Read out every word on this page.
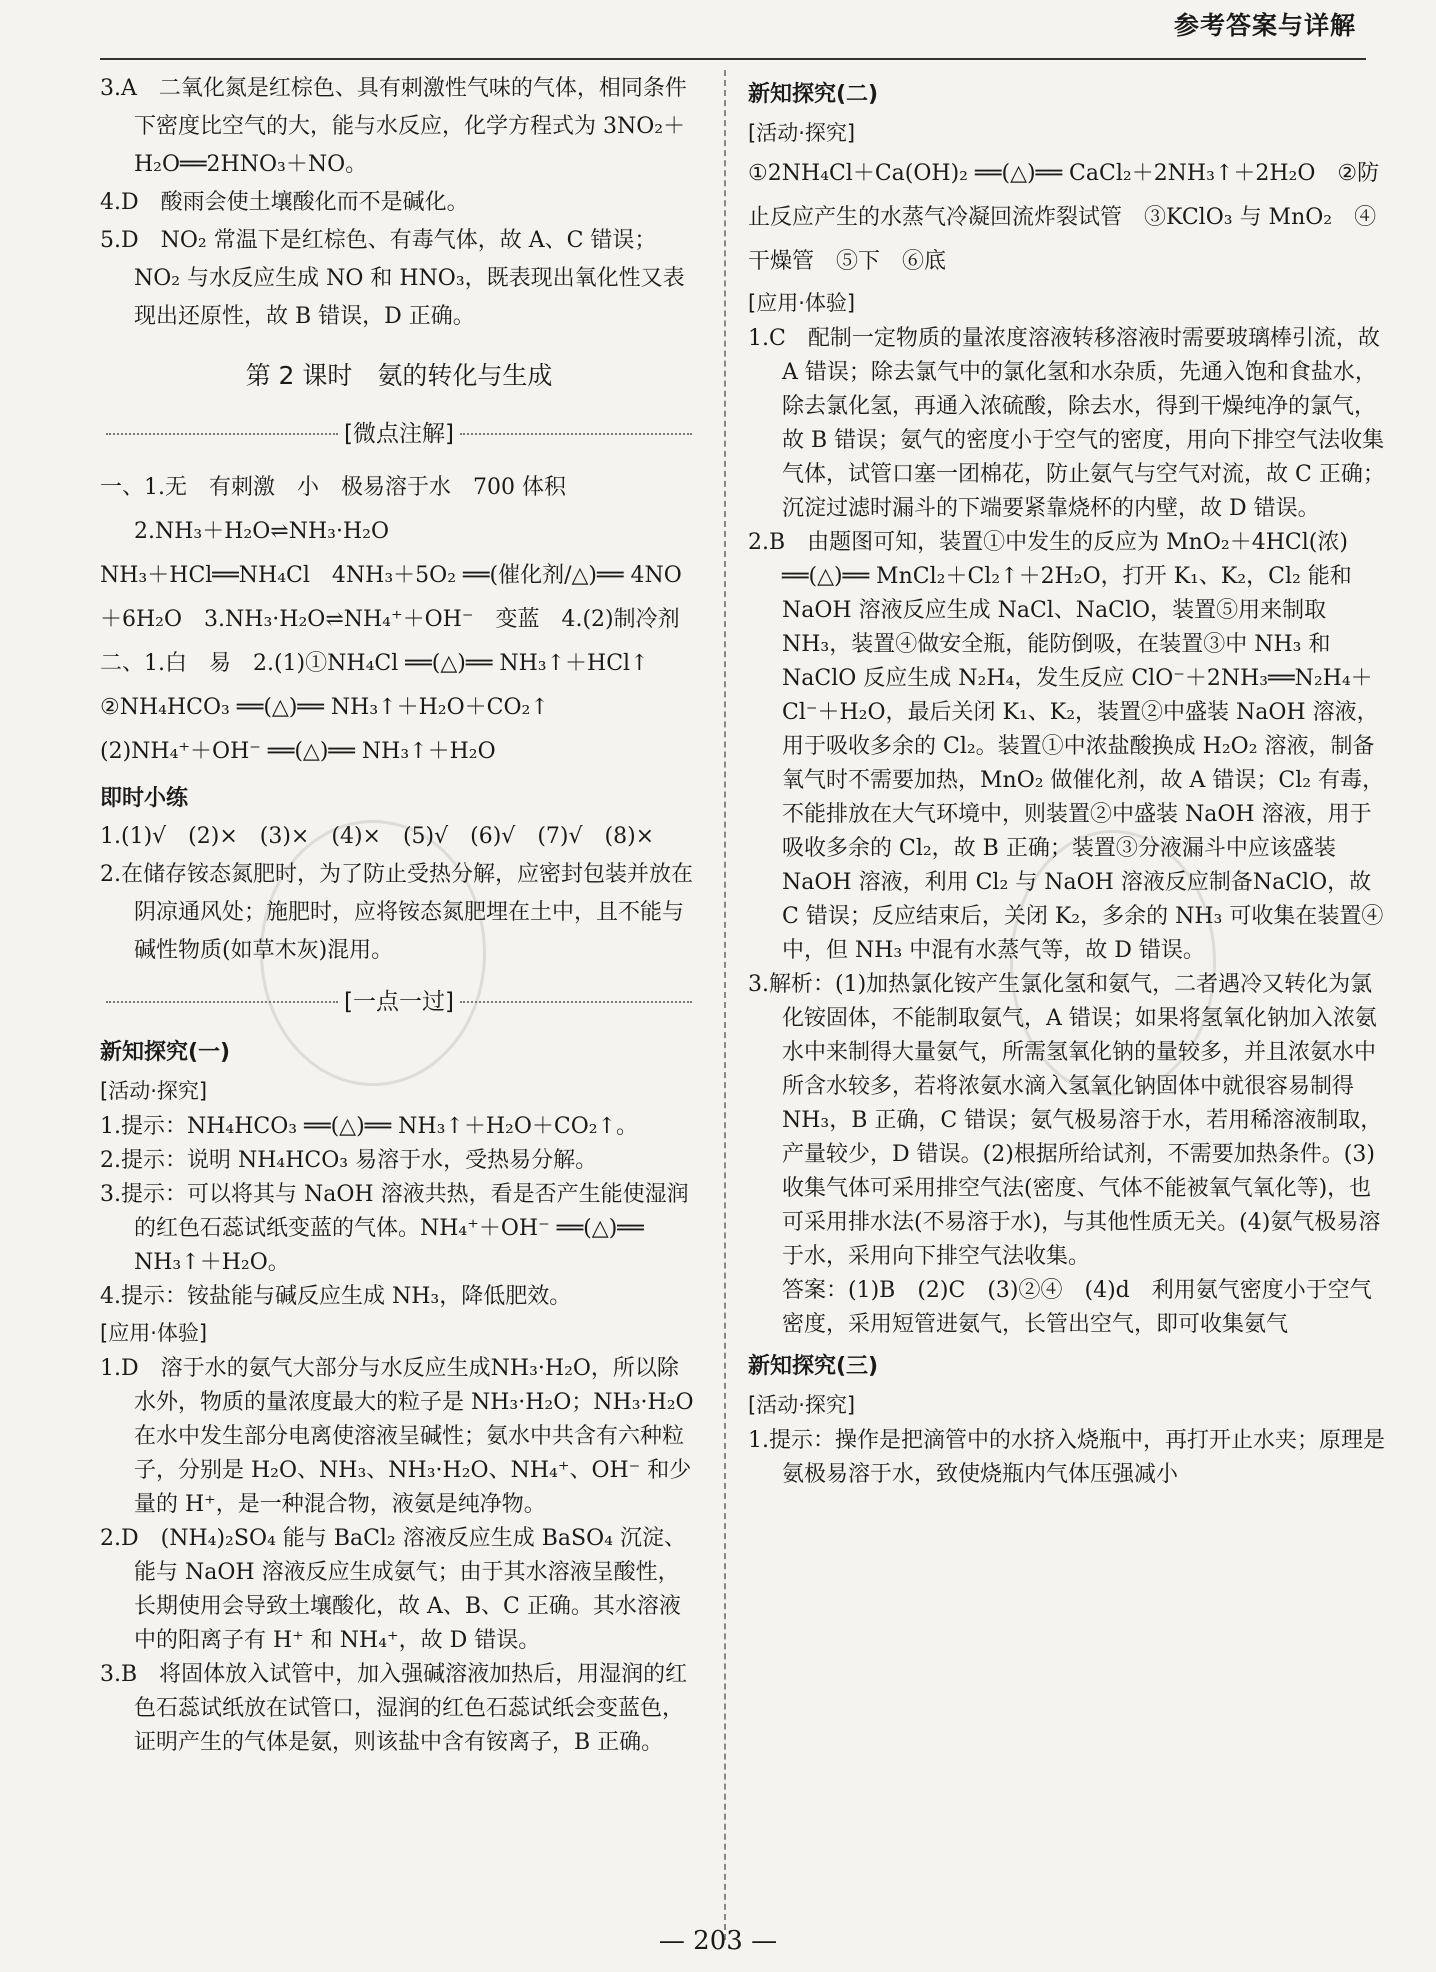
参考答案与详解

3.A　二氧化氮是红棕色、具有刺激性气味的气体，相同条件下密度比空气的大，能与水反应，化学方程式为 3NO₂＋H₂O══2HNO₃＋NO。

4.D　酸雨会使土壤酸化而不是碱化。

5.D　NO₂ 常温下是红棕色、有毒气体，故 A、C 错误；NO₂ 与水反应生成 NO 和 HNO₃，既表现出氧化性又表现出还原性，故 B 错误，D 正确。

第 2 课时　氨的转化与生成
[微点注解]

一、1.无　有刺激　小　极易溶于水　700 体积

2.NH₃＋H₂O⇌NH₃·H₂O

NH₃＋HCl══NH₄Cl　4NH₃＋5O₂ ══(催化剂/△)══ 4NO＋6H₂O　3.NH₃·H₂O⇌NH₄⁺＋OH⁻　变蓝　4.(2)制冷剂

二、1.白　易　2.(1)①NH₄Cl ══(△)══ NH₃↑＋HCl↑

②NH₄HCO₃ ══(△)══ NH₃↑＋H₂O＋CO₂↑

(2)NH₄⁺＋OH⁻ ══(△)══ NH₃↑＋H₂O

即时小练

1.(1)√　(2)×　(3)×　(4)×　(5)√　(6)√　(7)√　(8)×

2.在储存铵态氮肥时，为了防止受热分解，应密封包装并放在阴凉通风处；施肥时，应将铵态氮肥埋在土中，且不能与碱性物质(如草木灰)混用。

[一点一过]
新知探究(一)
[活动·探究]

1.提示：NH₄HCO₃ ══(△)══ NH₃↑＋H₂O＋CO₂↑。

2.提示：说明 NH₄HCO₃ 易溶于水，受热易分解。

3.提示：可以将其与 NaOH 溶液共热，看是否产生能使湿润的红色石蕊试纸变蓝的气体。NH₄⁺＋OH⁻ ══(△)══ NH₃↑＋H₂O。

4.提示：铵盐能与碱反应生成 NH₃，降低肥效。

[应用·体验]

1.D　溶于水的氨气大部分与水反应生成NH₃·H₂O，所以除水外，物质的量浓度最大的粒子是 NH₃·H₂O；NH₃·H₂O在水中发生部分电离使溶液呈碱性；氨水中共含有六种粒子，分别是 H₂O、NH₃、NH₃·H₂O、NH₄⁺、OH⁻ 和少量的 H⁺，是一种混合物，液氨是纯净物。

2.D　(NH₄)₂SO₄ 能与 BaCl₂ 溶液反应生成 BaSO₄ 沉淀、能与 NaOH 溶液反应生成氨气；由于其水溶液呈酸性，长期使用会导致土壤酸化，故 A、B、C 正确。其水溶液中的阳离子有 H⁺ 和 NH₄⁺，故 D 错误。

3.B　将固体放入试管中，加入强碱溶液加热后，用湿润的红色石蕊试纸放在试管口，湿润的红色石蕊试纸会变蓝色，证明产生的气体是氨，则该盐中含有铵离子，B 正确。

新知探究(二)
[活动·探究]

①2NH₄Cl＋Ca(OH)₂ ══(△)══ CaCl₂＋2NH₃↑＋2H₂O　②防止反应产生的水蒸气冷凝回流炸裂试管　③KClO₃ 与 MnO₂　④干燥管　⑤下　⑥底

[应用·体验]

1.C　配制一定物质的量浓度溶液转移溶液时需要玻璃棒引流，故 A 错误；除去氯气中的氯化氢和水杂质，先通入饱和食盐水，除去氯化氢，再通入浓硫酸，除去水，得到干燥纯净的氯气，故 B 错误；氨气的密度小于空气的密度，用向下排空气法收集气体，试管口塞一团棉花，防止氨气与空气对流，故 C 正确；沉淀过滤时漏斗的下端要紧靠烧杯的内壁，故 D 错误。

2.B　由题图可知，装置①中发生的反应为 MnO₂＋4HCl(浓) ══(△)══ MnCl₂＋Cl₂↑＋2H₂O，打开 K₁、K₂，Cl₂ 能和 NaOH 溶液反应生成 NaCl、NaClO，装置⑤用来制取 NH₃，装置④做安全瓶，能防倒吸，在装置③中 NH₃ 和 NaClO 反应生成 N₂H₄，发生反应 ClO⁻＋2NH₃══N₂H₄＋Cl⁻＋H₂O，最后关闭 K₁、K₂，装置②中盛装 NaOH 溶液，用于吸收多余的 Cl₂。装置①中浓盐酸换成 H₂O₂ 溶液，制备氧气时不需要加热，MnO₂ 做催化剂，故 A 错误；Cl₂ 有毒，不能排放在大气环境中，则装置②中盛装 NaOH 溶液，用于吸收多余的 Cl₂，故 B 正确；装置③分液漏斗中应该盛装 NaOH 溶液，利用 Cl₂ 与 NaOH 溶液反应制备NaClO，故 C 错误；反应结束后，关闭 K₂，多余的 NH₃ 可收集在装置④中，但 NH₃ 中混有水蒸气等，故 D 错误。

3.解析：(1)加热氯化铵产生氯化氢和氨气，二者遇冷又转化为氯化铵固体，不能制取氨气，A 错误；如果将氢氧化钠加入浓氨水中来制得大量氨气，所需氢氧化钠的量较多，并且浓氨水中所含水较多，若将浓氨水滴入氢氧化钠固体中就很容易制得 NH₃，B 正确，C 错误；氨气极易溶于水，若用稀溶液制取，产量较少，D 错误。(2)根据所给试剂，不需要加热条件。(3)收集气体可采用排空气法(密度、气体不能被氧气氧化等)，也可采用排水法(不易溶于水)，与其他性质无关。(4)氨气极易溶于水，采用向下排空气法收集。

答案：(1)B　(2)C　(3)②④　(4)d　利用氨气密度小于空气密度，采用短管进氨气，长管出空气，即可收集氨气

新知探究(三)
[活动·探究]

1.提示：操作是把滴管中的水挤入烧瓶中，再打开止水夹；原理是氨极易溶于水，致使烧瓶内气体压强减小

— 203 —
